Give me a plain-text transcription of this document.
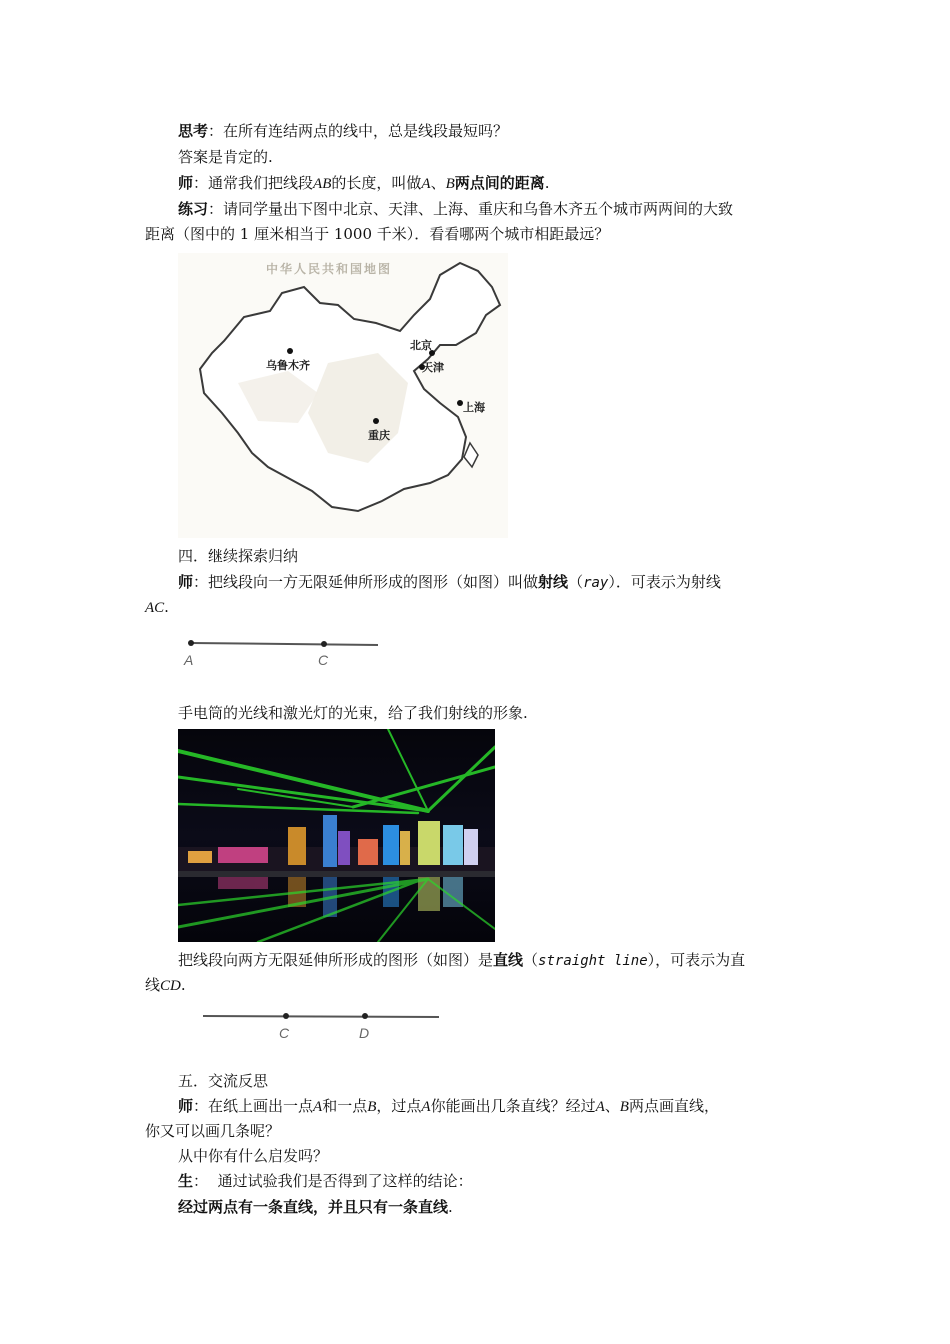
思考：在所有连结两点的线中，总是线段最短吗？
答案是肯定的.
师：通常我们把线段AB的长度，叫做A、B两点间的距离.
练习：请同学量出下图中北京、天津、上海、重庆和乌鲁木齐五个城市两两间的大致
距离（图中的 1 厘米相当于 1000 千米）．看看哪两个城市相距最远？
中华人民共和国地图
北京
天津
上海
重庆
乌鲁木齐
四．继续探索归纳
师：把线段向一方无限延伸所形成的图形（如图）叫做射线（ray）．可表示为射线
AC.
A	C
手电筒的光线和激光灯的光束，给了我们射线的形象.
把线段向两方无限延伸所形成的图形（如图）是直线（straight line），可表示为直
线CD.
C	D
五．交流反思
师：在纸上画出一点A和一点B，过点A你能画出几条直线？经过A、B两点画直线，
你又可以画几条呢？
从中你有什么启发吗？
生：  通过试验我们是否得到了这样的结论：
经过两点有一条直线，并且只有一条直线.
